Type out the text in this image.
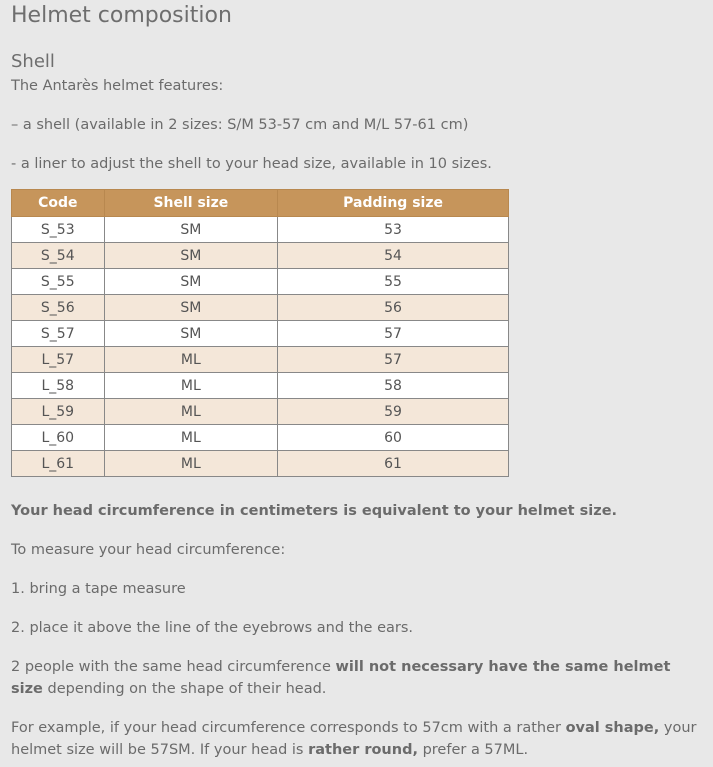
Helmet composition
Shell

The Antarès helmet features:

– a shell (available in 2 sizes: S/M 53-57 cm and M/L 57-61 cm)

- a liner to adjust the shell to your head size, available in 10 sizes.

Code	Shell size	Padding size
S_53	SM	53
S_54	SM	54
S_55	SM	55
S_56	SM	56
S_57	SM	57
L_57	ML	57
L_58	ML	58
L_59	ML	59
L_60	ML	60
L_61	ML	61

Your head circumference in centimeters is equivalent to your helmet size.

To measure your head circumference:

1. bring a tape measure

2. place it above the line of the eyebrows and the ears.

2 people with the same head circumference will not necessary have the same helmet size depending on the shape of their head.

For example, if your head circumference corresponds to 57cm with a rather oval shape, your helmet size will be 57SM. If your head is rather round, prefer a 57ML.
